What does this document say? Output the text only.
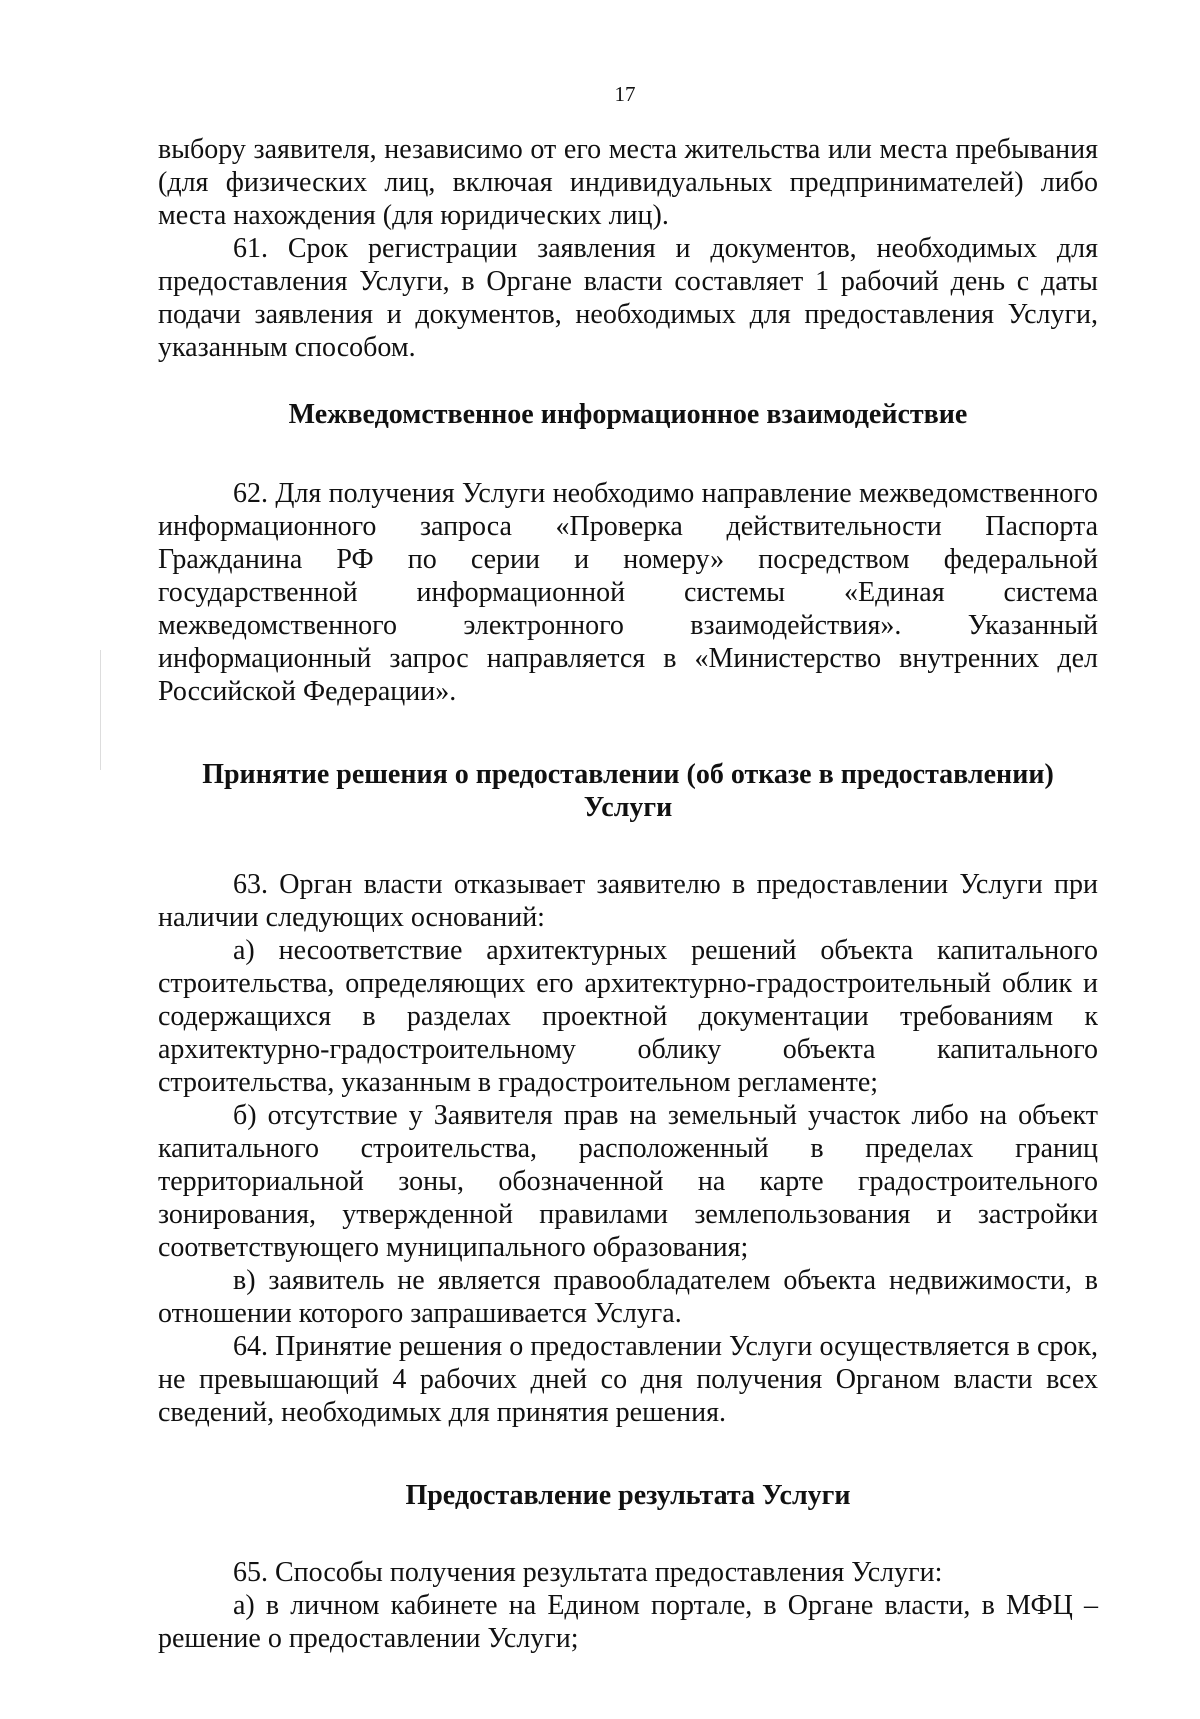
17

выбору заявителя, независимо от его места жительства или места пребывания (для физических лиц, включая индивидуальных предпринимателей) либо места нахождения (для юридических лиц).

61. Срок регистрации заявления и документов, необходимых для предоставления Услуги, в Органе власти составляет 1 рабочий день с даты подачи заявления и документов, необходимых для предоставления Услуги, указанным способом.

Межведомственное информационное взаимодействие

62. Для получения Услуги необходимо направление межведомственного информационного запроса «Проверка действительности Паспорта Гражданина РФ по серии и номеру» посредством федеральной государственной информационной системы «Единая система межведомственного электронного взаимодействия». Указанный информационный запрос направляется в «Министерство внутренних дел Российской Федерации».

Принятие решения о предоставлении (об отказе в предоставлении)
Услуги

63. Орган власти отказывает заявителю в предоставлении Услуги при наличии следующих оснований:

а) несоответствие архитектурных решений объекта капитального строительства, определяющих его архитектурно-градостроительный облик и содержащихся в разделах проектной документации требованиям к архитектурно-градостроительному облику объекта капитального строительства, указанным в градостроительном регламенте;

б) отсутствие у Заявителя прав на земельный участок либо на объект капитального строительства, расположенный в пределах границ территориальной зоны, обозначенной на карте градостроительного зонирования, утвержденной правилами землепользования и застройки соответствующего муниципального образования;

в) заявитель не является правообладателем объекта недвижимости, в отношении которого запрашивается Услуга.

64. Принятие решения о предоставлении Услуги осуществляется в срок, не превышающий 4 рабочих дней со дня получения Органом власти всех сведений, необходимых для принятия решения.

Предоставление результата Услуги

65. Способы получения результата предоставления Услуги:

а) в личном кабинете на Едином портале, в Органе власти, в МФЦ – решение о предоставлении Услуги;
